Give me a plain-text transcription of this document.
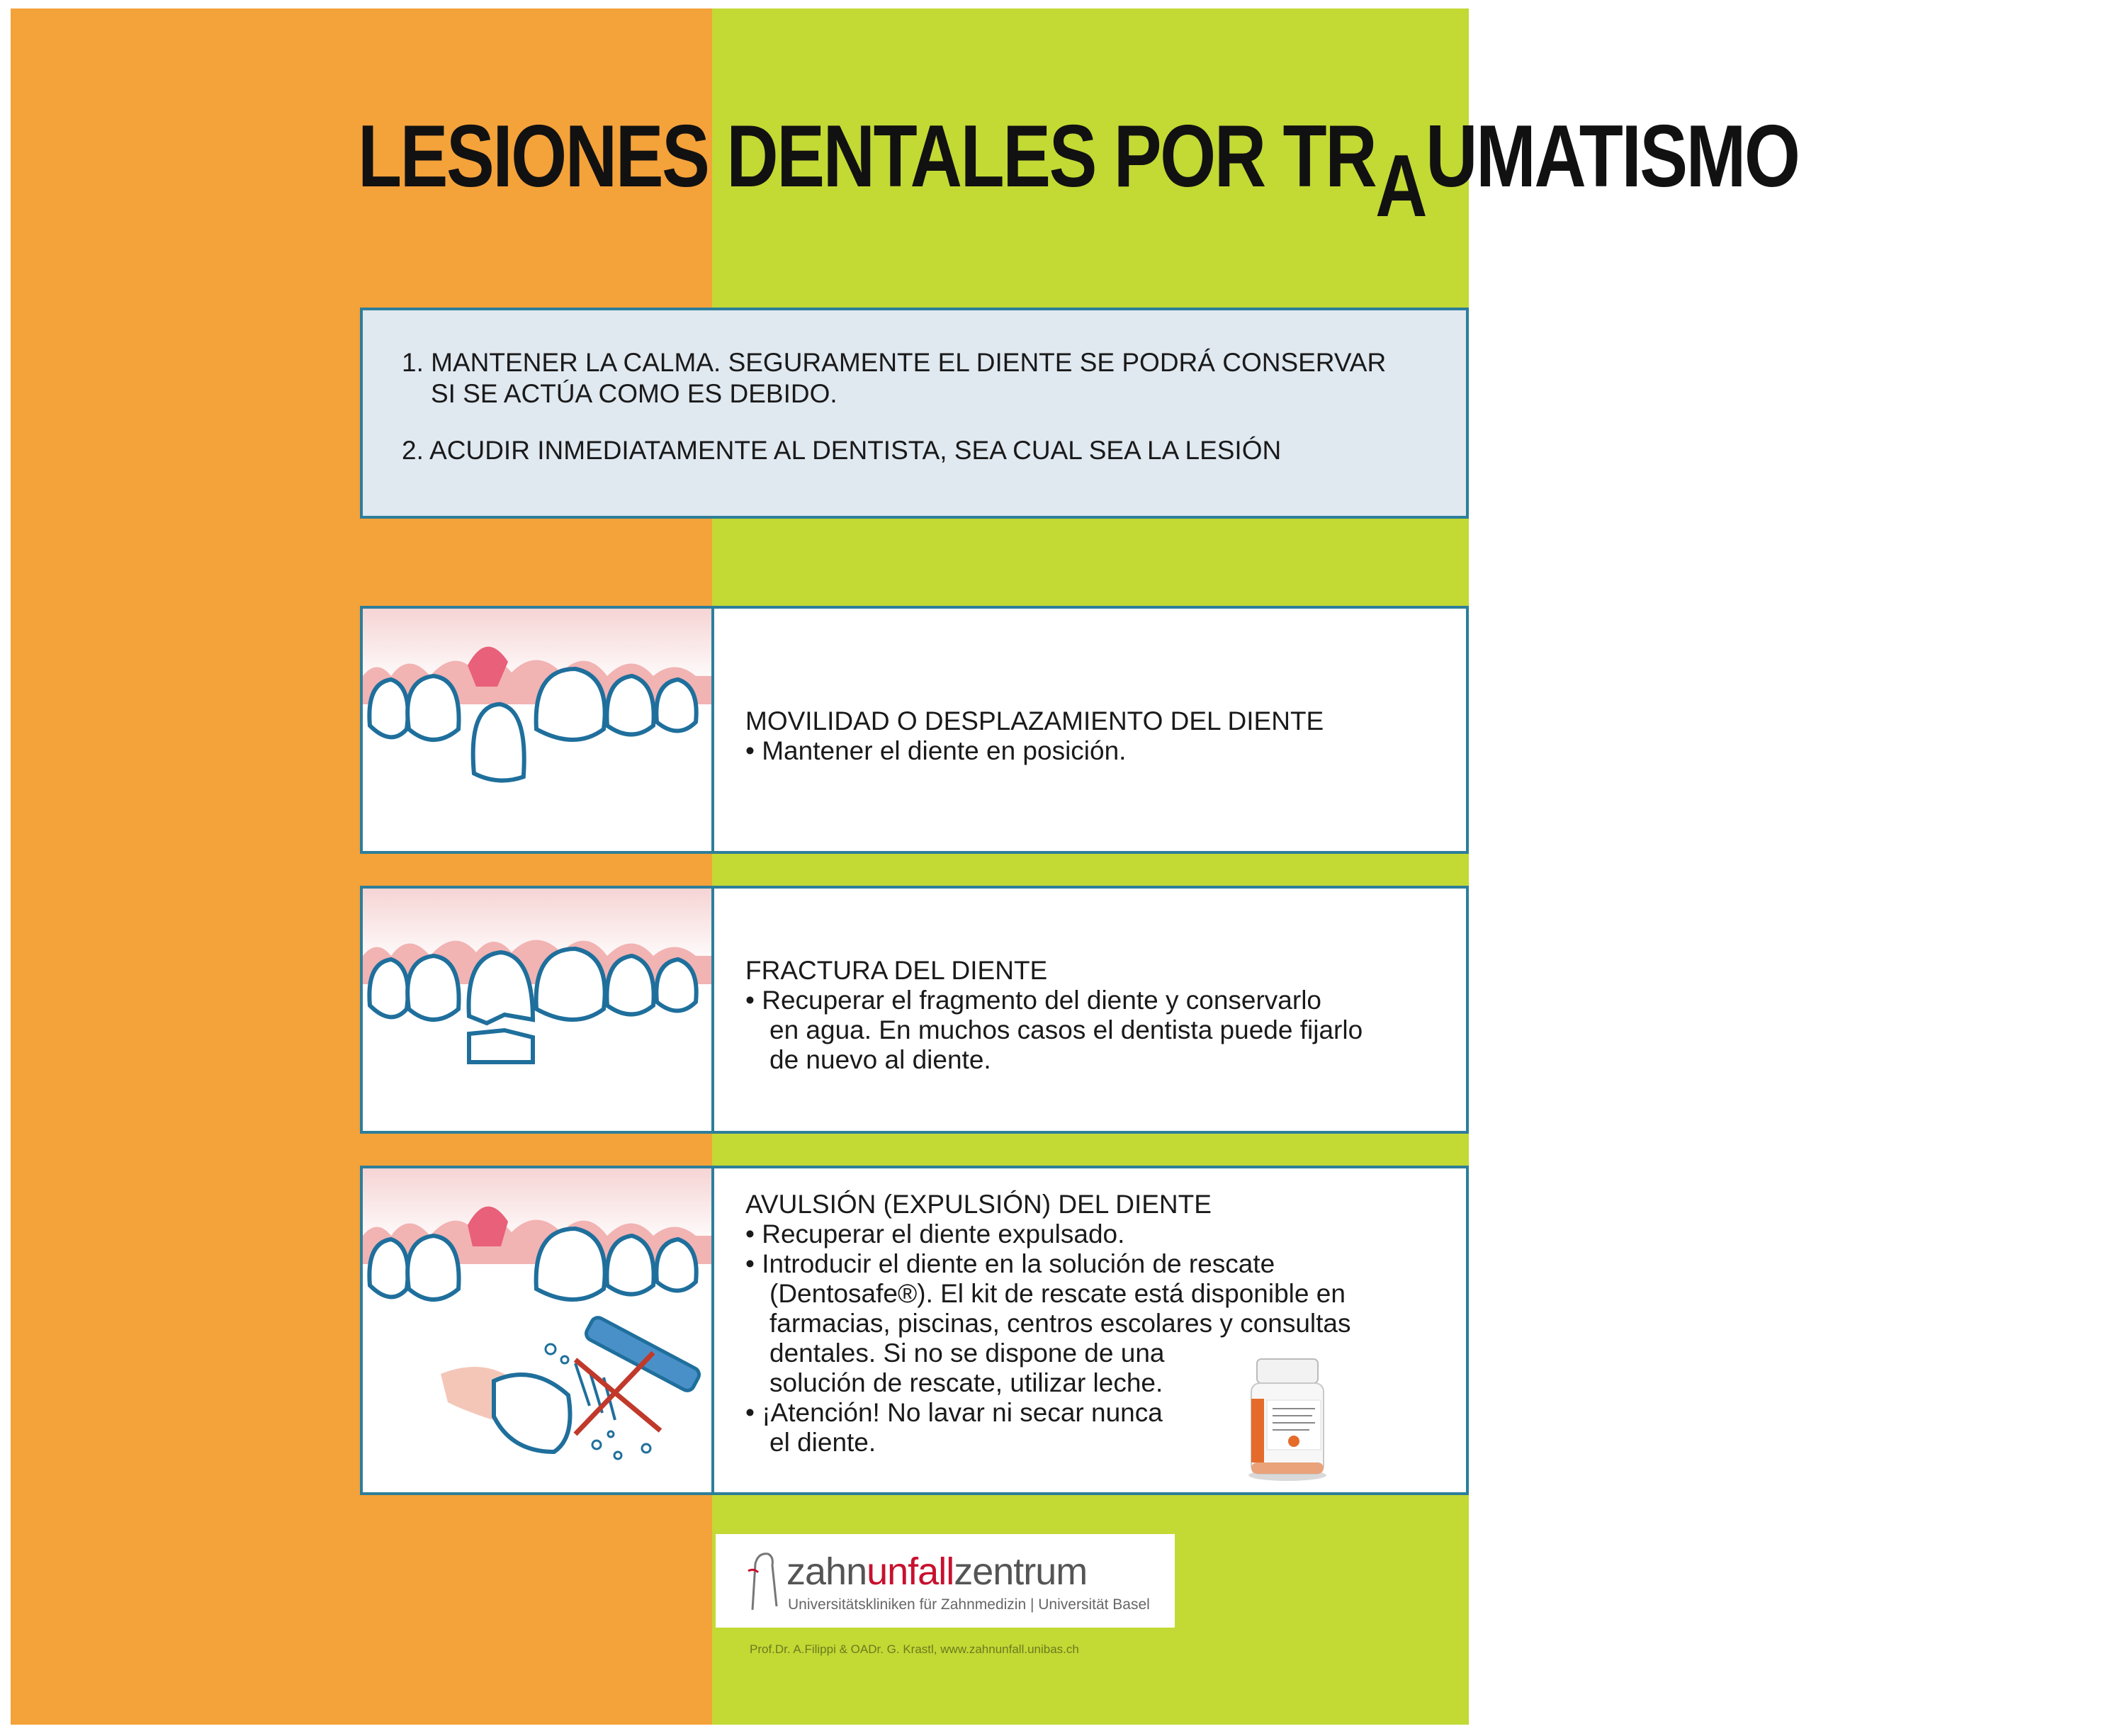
LESIONES DENTALES POR TRAUMATISMO

1. MANTENER LA CALMA. SEGURAMENTE EL DIENTE SE PODRÁ CONSERVAR

SI SE ACTÚA COMO ES DEBIDO.

2. ACUDIR INMEDIATAMENTE AL DENTISTA, SEA CUAL SEA LA LESIÓN

MOVILIDAD O DESPLAZAMIENTO DEL DIENTE
• Mantener el diente en posición.
FRACTURA DEL DIENTE
• Recuperar el fragmento del diente y conservarlo
en agua. En muchos casos el dentista puede fijarlo
de nuevo al diente.
AVULSIÓN (EXPULSIÓN) DEL DIENTE
• Recuperar el diente expulsado.
• Introducir el diente en la solución de rescate
(Dentosafe®). El kit de rescate está disponible en
farmacias, piscinas, centros escolares y consultas
dentales. Si no se dispone de una
solución de rescate, utilizar leche.
• ¡Atención! No lavar ni secar nunca
el diente.
zahnunfallzentrum
Universitätskliniken für Zahnmedizin | Universität Basel
Prof.Dr. A.Filippi & OADr. G. Krastl, www.zahnunfall.unibas.ch
